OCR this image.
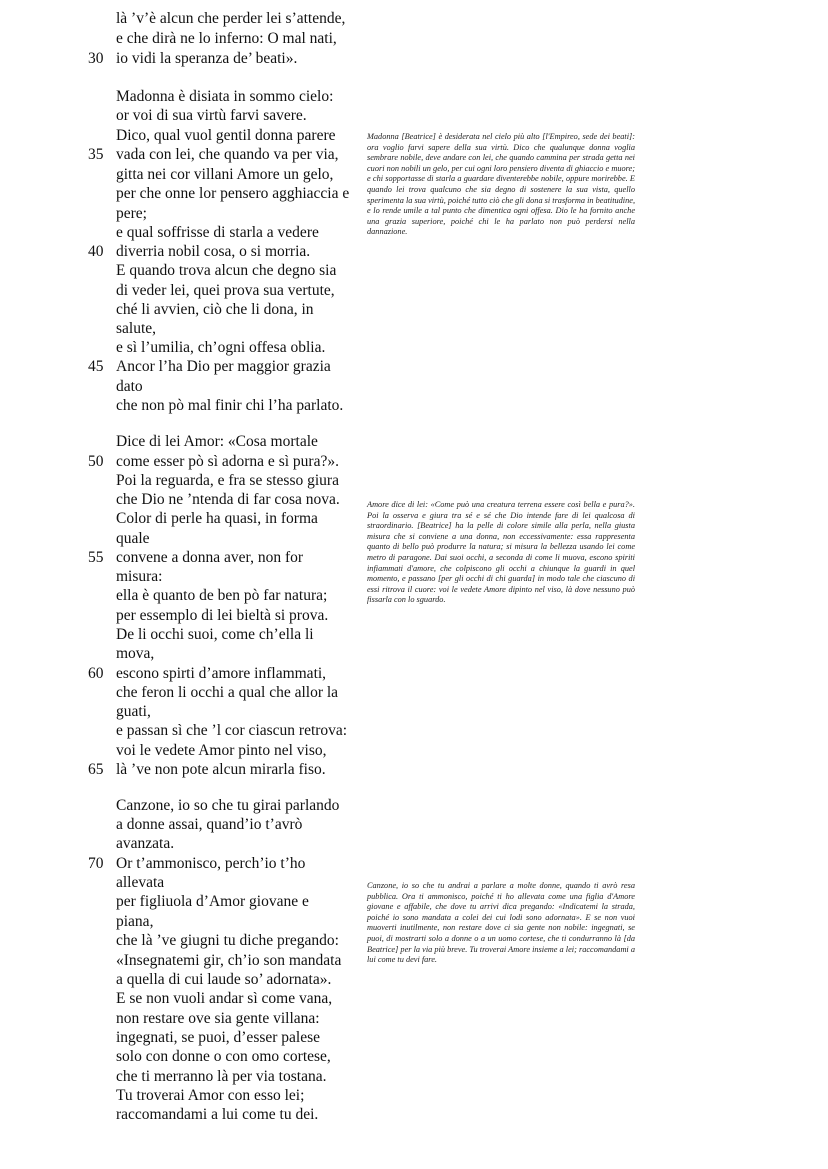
là ’v’è alcun che perder lei s’attende,
e che dirà ne lo inferno: O mal nati,
30 io vidi la speranza de’ beati».
Madonna è disiata in sommo cielo:
or voi di sua virtù farvi savere.
Dico, qual vuol gentil donna parere
35 vada con lei, che quando va per via,
gitta nei cor villani Amore un gelo,
per che onne lor pensero agghiaccia e
pere;
e qual soffrisse di starla a vedere
40 diverria nobil cosa, o si morria.
E quando trova alcun che degno sia
di veder lei, quei prova sua vertute,
ché li avvien, ciò che li dona, in
salute,
e sì l’umilia, ch’ogni offesa oblia.
45 Ancor l’ha Dio per maggior grazia
dato
che non pò mal finir chi l’ha parlato.
Dice di lei Amor: «Cosa mortale
50 come esser pò sì adorna e sì pura?».
Poi la reguarda, e fra se stesso giura
che Dio ne ’ntenda di far cosa nova.
Color di perle ha quasi, in forma
quale
55 convene a donna aver, non for
misura:
ella è quanto de ben pò far natura;
per essemplo di lei bieltà si prova.
De li occhi suoi, come ch’ella li
mova,
60 escono spirti d’amore inflammati,
che feron li occhi a qual che allor la
guati,
e passan sì che ’l cor ciascun retrova:
voi le vedete Amor pinto nel viso,
65 là ’ve non pote alcun mirarla fiso.
Canzone, io so che tu girai parlando
a donne assai, quand’io t’avrò
avanzata.
70 Or t’ammonisco, perch’io t’ho
allevata
per figliuola d’Amor giovane e
piana,
che là ’ve giugni tu diche pregando:
«Insegnatemi gir, ch’io son mandata
a quella di cui laude so’ adornata».
E se non vuoli andar sì come vana,
non restare ove sia gente villana:
ingegnati, se puoi, d’esser palese
solo con donne o con omo cortese,
che ti merranno là per via tostana.
Tu troverai Amor con esso lei;
raccomandami a lui come tu dei.
Madonna [Beatrice] è desiderata nel cielo più alto [l'Empireo, sede dei beati]: ora voglio farvi sapere della sua virtù. Dico che qualunque donna voglia sembrare nobile, deve andare con lei, che quando cammina per strada getta nei cuori non nobili un gelo, per cui ogni loro pensiero diventa di ghiaccio e muore; e chi sopportasse di starla a guardare diventerebbe nobile, oppure morirebbe. E quando lei trova qualcuno che sia degno di sostenere la sua vista, quello sperimenta la sua virtù, poiché tutto ciò che gli dona si trasforma in beatitudine, e lo rende umile a tal punto che dimentica ogni offesa. Dio le ha fornito anche una grazia superiore, poiché chi le ha parlato non può perdersi nella dannazione.
Amore dice di lei: «Come può una creatura terrena essere così bella e pura?». Poi la osserva e giura tra sé e sé che Dio intende fare di lei qualcosa di straordinario. [Beatrice] ha la pelle di colore simile alla perla, nella giusta misura che si conviene a una donna, non eccessivamente: essa rappresenta quanto di bello può produrre la natura; si misura la bellezza usando lei come metro di paragone. Dai suoi occhi, a seconda di come li muova, escono spiriti infiammati d'amore, che colpiscono gli occhi a chiunque la guardi in quel momento, e passano [per gli occhi di chi guarda] in modo tale che ciascuno di essi ritrova il cuore: voi le vedete Amore dipinto nel viso, là dove nessuno può fissarla con lo sguardo.
Canzone, io so che tu andrai a parlare a molte donne, quando ti avrò resa pubblica. Ora ti ammonisco, poiché ti ho allevata come una figlia d'Amore giovane e affabile, che dove tu arrivi dica pregando: «Indicatemi la strada, poiché io sono mandata a colei dei cui lodi sono adornata». E se non vuoi muoverti inutilmente, non restare dove ci sia gente non nobile: ingegnati, se puoi, di mostrarti solo a donne o a un uomo cortese, che ti condurranno là [da Beatrice] per la via più breve. Tu troverai Amore insieme a lei; raccomandami a lui come tu devi fare.
